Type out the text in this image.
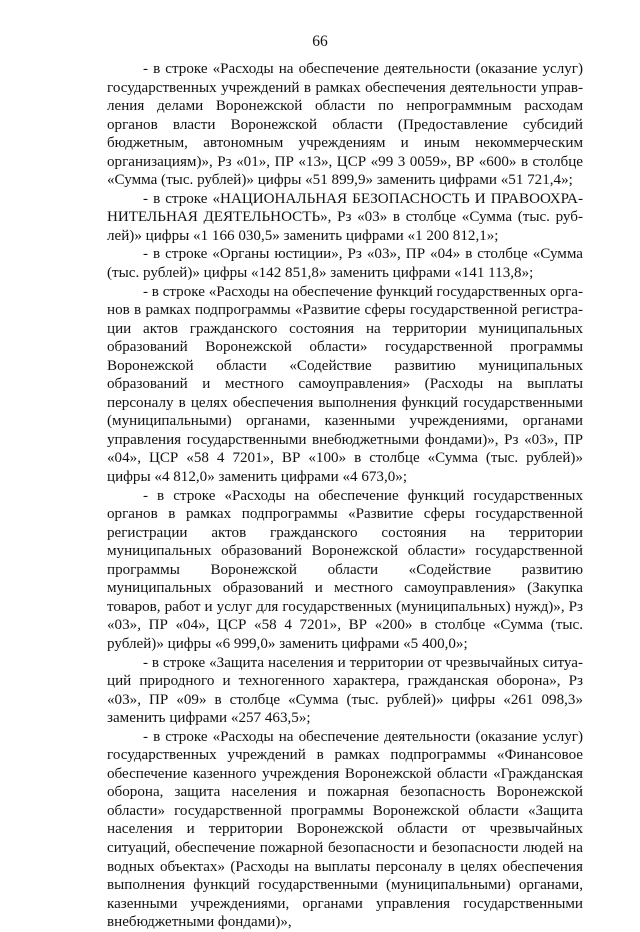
66

- в строке «Расходы на обеспечение деятельности (оказание услуг) государственных учреждений в рамках обеспечения деятельности управления делами Воронежской области по непрограммным расходам органов власти Воронежской области (Предоставление субсидий бюджетным, автономным учреждениям и иным некоммерческим организациям)», Рз «01», ПР «13», ЦСР «99 3 0059», ВР «600» в столбце «Сумма (тыс. рублей)» цифры «51 899,9» заменить цифрами «51 721,4»;

- в строке «НАЦИОНАЛЬНАЯ БЕЗОПАСНОСТЬ И ПРАВООХРАНИТЕЛЬНАЯ ДЕЯТЕЛЬНОСТЬ», Рз «03» в столбце «Сумма (тыс. рублей)» цифры «1 166 030,5» заменить цифрами «1 200 812,1»;

- в строке «Органы юстиции», Рз «03», ПР «04» в столбце «Сумма (тыс. рублей)» цифры «142 851,8» заменить цифрами «141 113,8»;

- в строке «Расходы на обеспечение функций государственных органов в рамках подпрограммы «Развитие сферы государственной регистрации актов гражданского состояния на территории муниципальных образований Воронежской области» государственной программы Воронежской области «Содействие развитию муниципальных образований и местного самоуправления» (Расходы на выплаты персоналу в целях обеспечения выполнения функций государственными (муниципальными) органами, казенными учреждениями, органами управления государственными внебюджетными фондами)», Рз «03», ПР «04», ЦСР «58 4 7201», ВР «100» в столбце «Сумма (тыс. рублей)» цифры «4 812,0» заменить цифрами «4 673,0»;

- в строке «Расходы на обеспечение функций государственных органов в рамках подпрограммы «Развитие сферы государственной регистрации актов гражданского состояния на территории муниципальных образований Воронежской области» государственной программы Воронежской области «Содействие развитию муниципальных образований и местного самоуправления» (Закупка товаров, работ и услуг для государственных (муниципальных) нужд)», Рз «03», ПР «04», ЦСР «58 4 7201», ВР «200» в столбце «Сумма (тыс. рублей)» цифры «6 999,0» заменить цифрами «5 400,0»;

- в строке «Защита населения и территории от чрезвычайных ситуаций природного и техногенного характера, гражданская оборона», Рз «03», ПР «09» в столбце «Сумма (тыс. рублей)» цифры «261 098,3» заменить цифрами «257 463,5»;

- в строке «Расходы на обеспечение деятельности (оказание услуг) государственных учреждений в рамках подпрограммы «Финансовое обеспечение казенного учреждения Воронежской области «Гражданская оборона, защита населения и пожарная безопасность Воронежской области» государственной программы Воронежской области «Защита населения и территории Воронежской области от чрезвычайных ситуаций, обеспечение пожарной безопасности и безопасности людей на водных объектах» (Расходы на выплаты персоналу в целях обеспечения выполнения функций государственными (муниципальными) органами, казенными учреждениями, органами управления государственными внебюджетными фондами)»,
